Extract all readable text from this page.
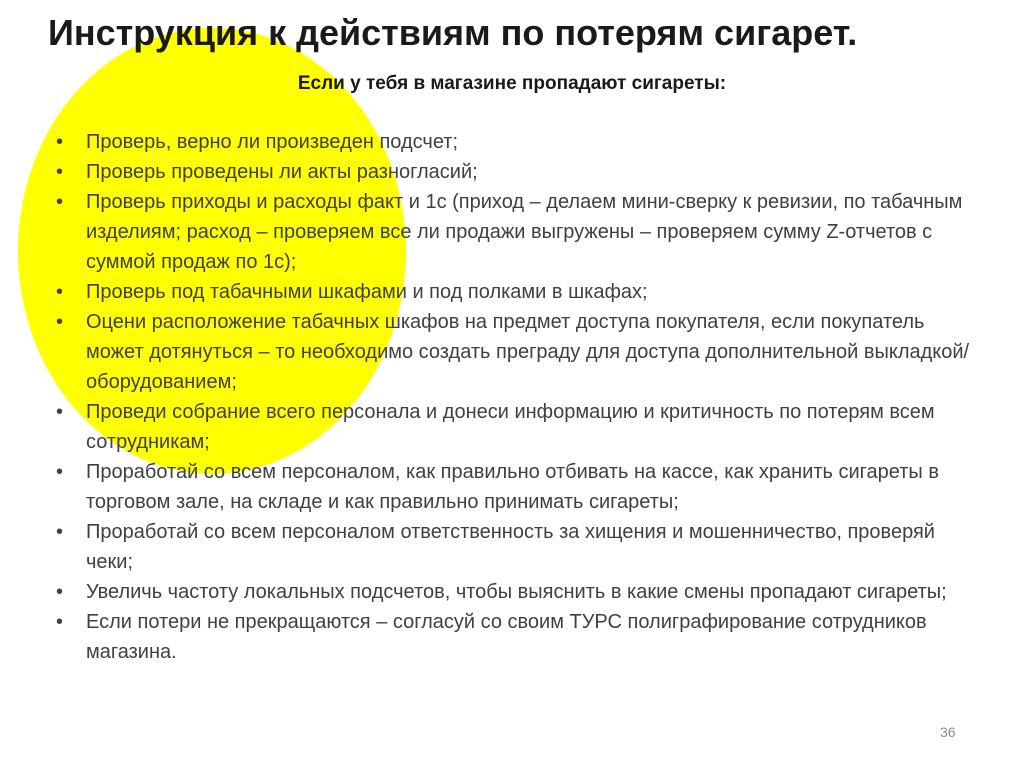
Инструкция к действиям по потерям сигарет.

Если у тебя в магазине пропадают сигареты:

• Проверь, верно ли произведен подсчет;
• Проверь проведены ли акты разногласий;
• Проверь приходы и расходы факт и 1с (приход – делаем мини-сверку к ревизии, по табачным изделиям; расход – проверяем все ли продажи выгружены – проверяем сумму Z-отчетов с суммой продаж по 1с);
• Проверь под табачными шкафами и под полками в шкафах;
• Оцени расположение табачных шкафов на предмет доступа покупателя, если покупатель может дотянуться – то необходимо создать преграду для доступа дополнительной выкладкой/оборудованием;
• Проведи собрание всего персонала и донеси информацию и критичность по потерям всем сотрудникам;
• Проработай со всем персоналом, как правильно отбивать на кассе, как хранить сигареты в торговом зале, на складе и как правильно принимать сигареты;
• Проработай со всем персоналом ответственность за хищения и мошенничество, проверяй чеки;
• Увеличь частоту локальных подсчетов, чтобы выяснить в какие смены пропадают сигареты;
• Если потери не прекращаются – согласуй со своим ТУРС полиграфирование сотрудников магазина.
36
